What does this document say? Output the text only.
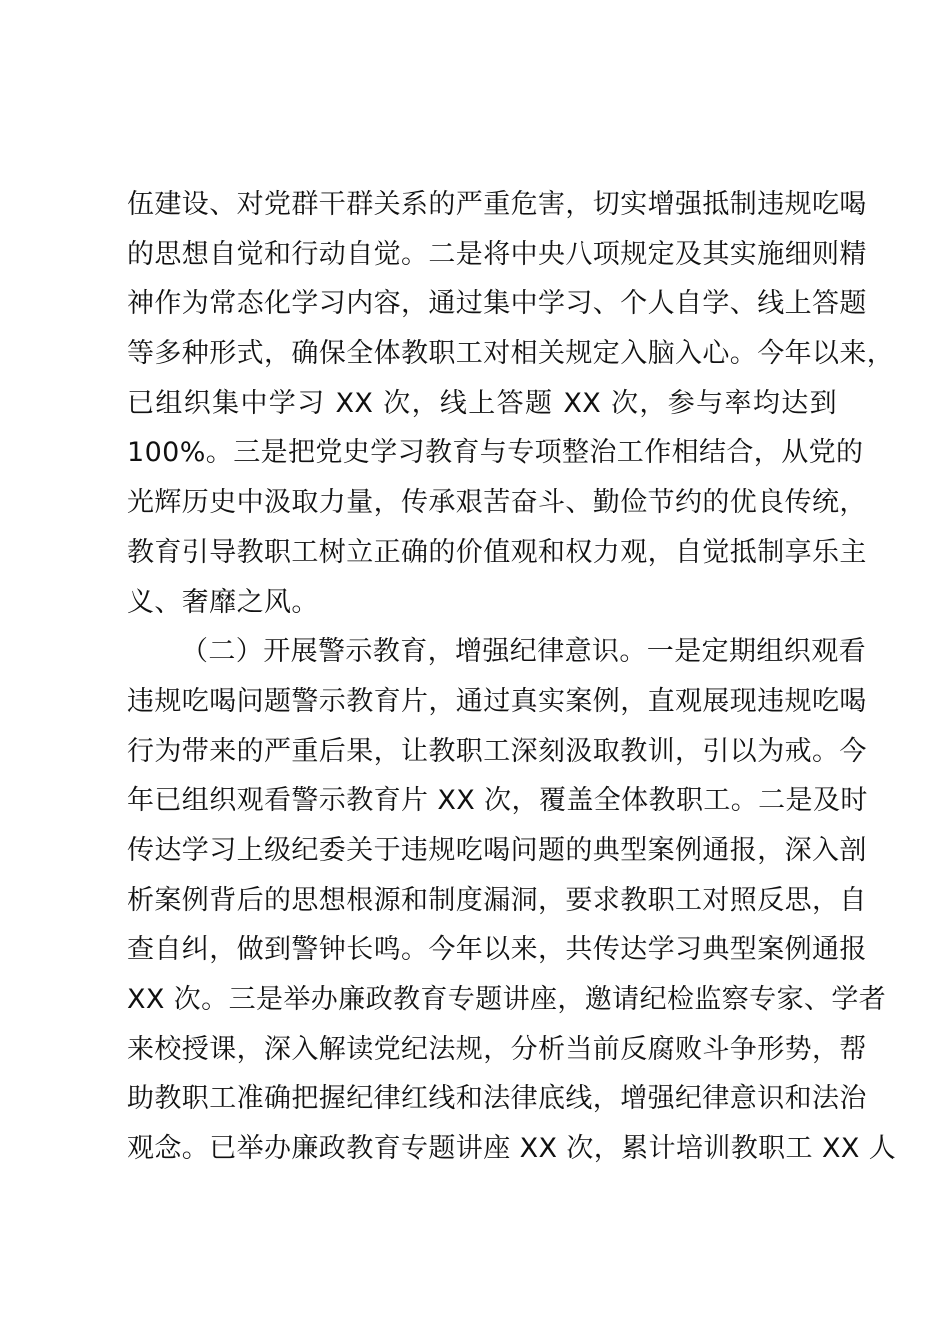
伍建设、对党群干群关系的严重危害，切实增强抵制违规吃喝
的思想自觉和行动自觉。二是将中央八项规定及其实施细则精
神作为常态化学习内容，通过集中学习、个人自学、线上答题
等多种形式，确保全体教职工对相关规定入脑入心。今年以来，
已组织集中学习 XX 次，线上答题 XX 次，参与率均达到
100%。三是把党史学习教育与专项整治工作相结合，从党的
光辉历史中汲取力量，传承艰苦奋斗、勤俭节约的优良传统，
教育引导教职工树立正确的价值观和权力观，自觉抵制享乐主
义、奢靡之风。
（二）开展警示教育，增强纪律意识。一是定期组织观看
违规吃喝问题警示教育片，通过真实案例，直观展现违规吃喝
行为带来的严重后果，让教职工深刻汲取教训，引以为戒。今
年已组织观看警示教育片 XX 次，覆盖全体教职工。二是及时
传达学习上级纪委关于违规吃喝问题的典型案例通报，深入剖
析案例背后的思想根源和制度漏洞，要求教职工对照反思，自
查自纠，做到警钟长鸣。今年以来，共传达学习典型案例通报
XX 次。三是举办廉政教育专题讲座，邀请纪检监察专家、学者
来校授课，深入解读党纪法规，分析当前反腐败斗争形势，帮
助教职工准确把握纪律红线和法律底线，增强纪律意识和法治
观念。已举办廉政教育专题讲座 XX 次，累计培训教职工 XX 人
